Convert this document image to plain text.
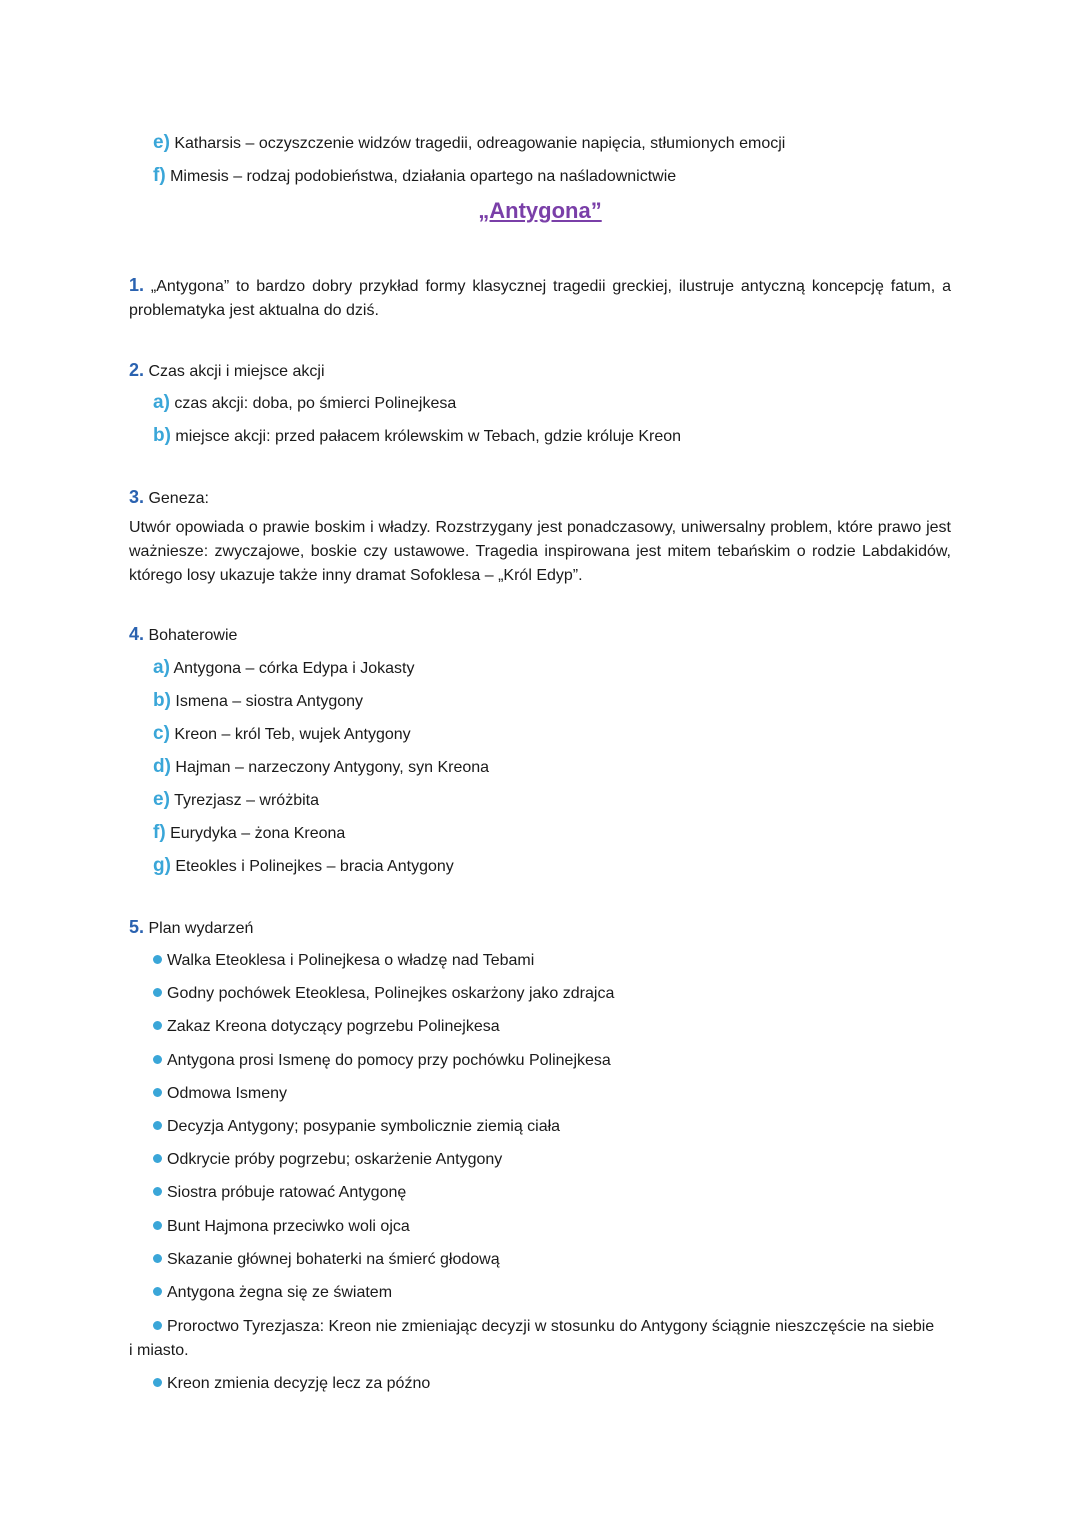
e) Katharsis – oczyszczenie widzów tragedii, odreagowanie napięcia, stłumionych emocji
f) Mimesis – rodzaj podobieństwa, działania opartego na naśladownictwie
„Antygona”
1. „Antygona” to bardzo dobry przykład formy klasycznej tragedii greckiej, ilustruje antyczną koncepcję fatum, a problematyka jest aktualna do dziś.
2. Czas akcji i miejsce akcji
a) czas akcji: doba, po śmierci Polinejkesa
b) miejsce akcji: przed pałacem królewskim w Tebach, gdzie króluje Kreon
3. Geneza:
Utwór opowiada o prawie boskim i władzy. Rozstrzygany jest ponadczasowy, uniwersalny problem, które prawo jest ważniesze: zwyczajowe, boskie czy ustawowe. Tragedia inspirowana jest mitem tebańskim o rodzie Labdakidów, którego losy ukazuje także inny dramat Sofoklesa – „Król Edyp”.
4. Bohaterowie
a) Antygona – córka Edypa i Jokasty
b) Ismena – siostra Antygony
c) Kreon – król Teb, wujek Antygony
d) Hajman – narzeczony Antygony, syn Kreona
e) Tyrezjasz – wróżbita
f) Eurydyka – żona Kreona
g) Eteokles i Polinejkes – bracia Antygony
5. Plan wydarzeń
Walka Eteoklesa i Polinejkesa o władzę nad Tebami
Godny pochówek Eteoklesa, Polinejkes oskarżony jako zdrajca
Zakaz Kreona dotyczący pogrzebu Polinejkesa
Antygona prosi Ismenę do pomocy przy pochówku Polinejkesa
Odmowa Ismeny
Decyzja Antygony; posypanie symbolicznie ziemią ciała
Odkrycie próby pogrzebu; oskarżenie Antygony
Siostra próbuje ratować Antygonę
Bunt Hajmona przeciwko woli ojca
Skazanie głównej bohaterki na śmierć głodową
Antygona żegna się ze światem
Proroctwo Tyrezjasza: Kreon nie zmieniając decyzji w stosunku do Antygony ściągnie nieszczęście na siebie
i miasto.
Kreon zmienia decyzję lecz za późno
